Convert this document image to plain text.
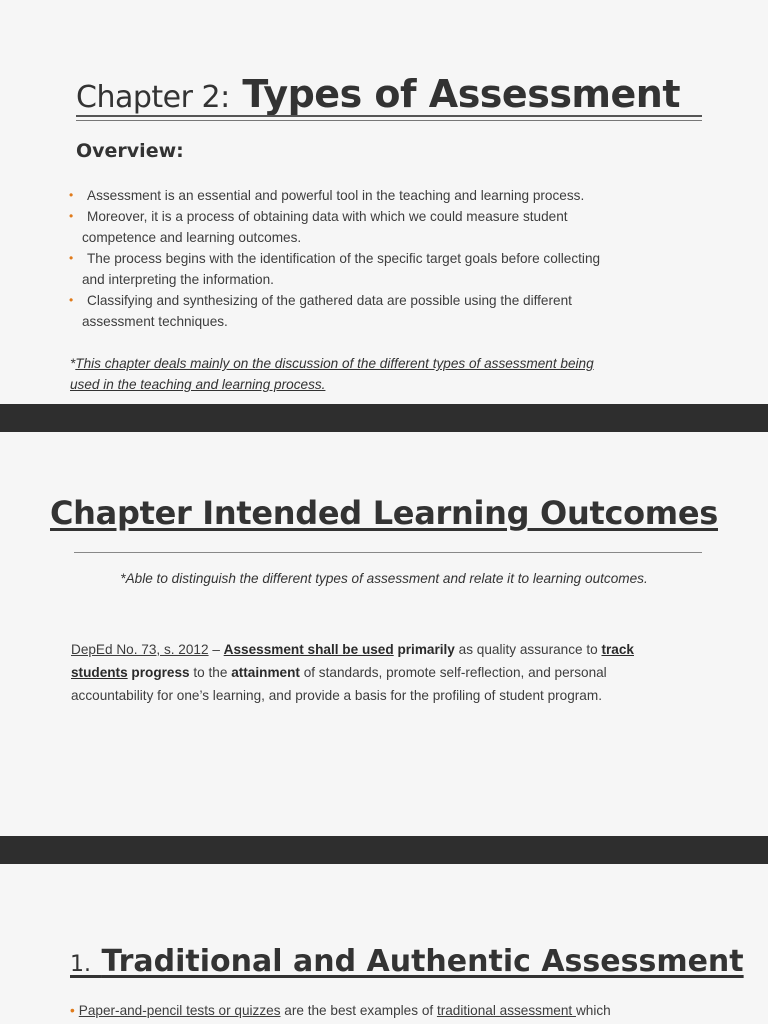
Chapter 2: Types of Assessment
Overview:
• Assessment is an essential and powerful tool in the teaching and learning process.
• Moreover, it is a process of obtaining data with which we could measure student
competence and learning outcomes.
• The process begins with the identification of the specific target goals before collecting
and interpreting the information.
• Classifying and synthesizing of the gathered data are possible using the different
assessment techniques.

*This chapter deals mainly on the discussion of the different types of assessment being
used in the teaching and learning process.

Chapter Intended Learning Outcomes

*Able to distinguish the different types of assessment and relate it to learning outcomes.

DepEd No. 73, s. 2012 – Assessment shall be used primarily as quality assurance to track
students progress to the attainment of standards, promote self-reflection, and personal
accountability for one’s learning, and provide a basis for the profiling of student program.

1. Traditional and Authentic Assessment

• Paper-and-pencil tests or quizzes are the best examples of traditional assessment which
